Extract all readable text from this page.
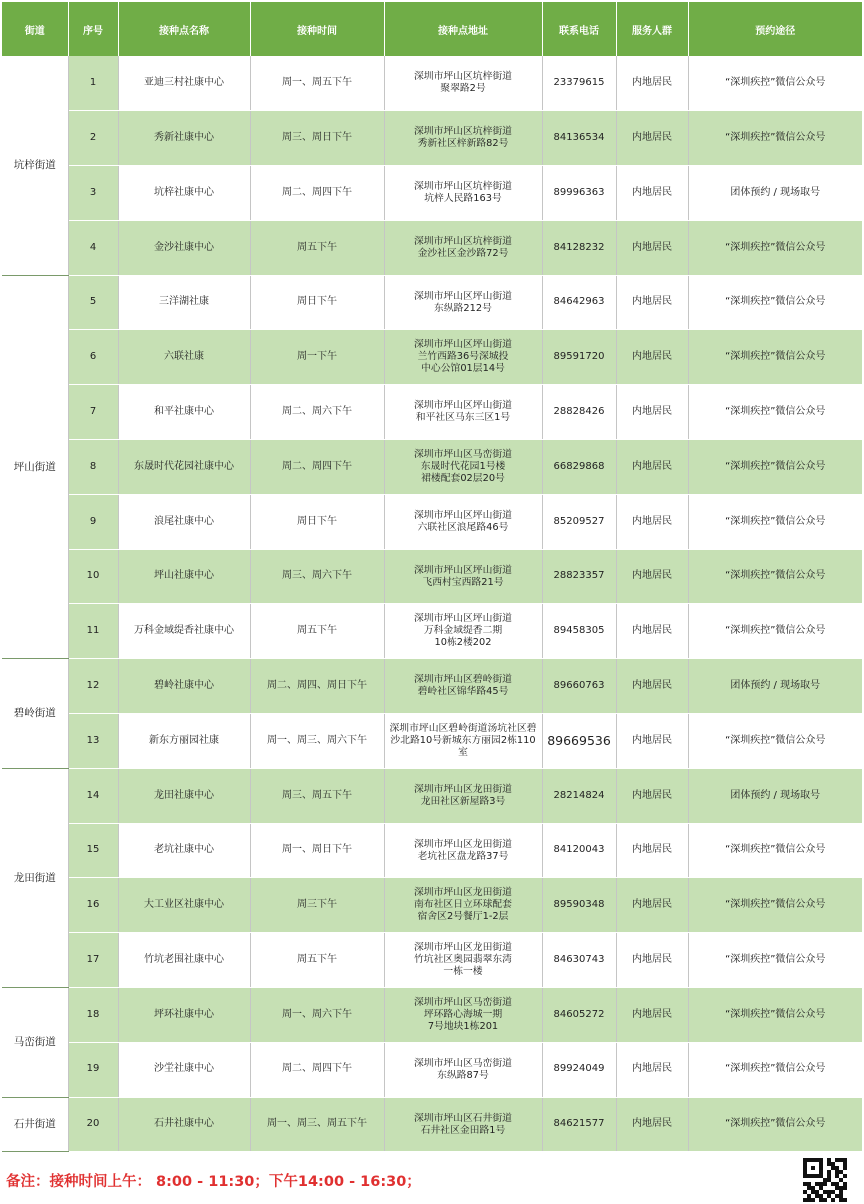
街道	序号	接种点名称	接种时间	接种点地址	联系电话	服务人群	预约途径
坑梓街道	1	亚迪三村社康中心	周一、周五下午	深圳市坪山区坑梓街道
聚翠路2号	23379615	内地居民	“深圳疾控”微信公众号
	2	秀新社康中心	周三、周日下午	深圳市坪山区坑梓街道
秀新社区梓新路82号	84136534	内地居民	“深圳疾控”微信公众号
	3	坑梓社康中心	周二、周四下午	深圳市坪山区坑梓街道
坑梓人民路163号	89996363	内地居民	团体预约 / 现场取号
	4	金沙社康中心	周五下午	深圳市坪山区坑梓街道
金沙社区金沙路72号	84128232	内地居民	“深圳疾控”微信公众号
坪山街道	5	三洋湖社康	周日下午	深圳市坪山区坪山街道
东纵路212号	84642963	内地居民	“深圳疾控”微信公众号
	6	六联社康	周一下午	深圳市坪山区坪山街道
兰竹西路36号深城投
中心公馆01层14号	89591720	内地居民	“深圳疾控”微信公众号
	7	和平社康中心	周二、周六下午	深圳市坪山区坪山街道
和平社区马东三区1号	28828426	内地居民	“深圳疾控”微信公众号
	8	东晟时代花园社康中心	周二、周四下午	深圳市坪山区马峦街道
东晟时代花园1号楼
裙楼配套02层20号	66829868	内地居民	“深圳疾控”微信公众号
	9	浪尾社康中心	周日下午	深圳市坪山区坪山街道
六联社区浪尾路46号	85209527	内地居民	“深圳疾控”微信公众号
	10	坪山社康中心	周三、周六下午	深圳市坪山区坪山街道
飞西村宝西路21号	28823357	内地居民	“深圳疾控”微信公众号
	11	万科金域缇香社康中心	周五下午	深圳市坪山区坪山街道
万科金域缇香二期
10栋2楼202	89458305	内地居民	“深圳疾控”微信公众号
碧岭街道	12	碧岭社康中心	周二、周四、周日下午	深圳市坪山区碧岭街道
碧岭社区锦华路45号	89660763	内地居民	团体预约 / 现场取号
	13	新东方丽园社康	周一、周三、周六下午	深圳市坪山区碧岭街道汤坑社区碧
沙北路10号新城东方丽园2栋110
室	89669536	内地居民	“深圳疾控”微信公众号
龙田街道	14	龙田社康中心	周三、周五下午	深圳市坪山区龙田街道
龙田社区新屋路3号	28214824	内地居民	团体预约 / 现场取号
	15	老坑社康中心	周一、周日下午	深圳市坪山区龙田街道
老坑社区盘龙路37号	84120043	内地居民	“深圳疾控”微信公众号
	16	大工业区社康中心	周三下午	深圳市坪山区龙田街道
南布社区日立环球配套
宿舍区2号餐厅1-2层	89590348	内地居民	“深圳疾控”微信公众号
	17	竹坑老围社康中心	周五下午	深圳市坪山区龙田街道
竹坑社区奥园翡翠东湾
一栋一楼	84630743	内地居民	“深圳疾控”微信公众号
马峦街道	18	坪环社康中心	周一、周六下午	深圳市坪山区马峦街道
坪环路心海城一期
7号地块1栋201	84605272	内地居民	“深圳疾控”微信公众号
	19	沙坣社康中心	周二、周四下午	深圳市坪山区马峦街道
东纵路87号	89924049	内地居民	“深圳疾控”微信公众号
石井街道	20	石井社康中心	周一、周三、周五下午	深圳市坪山区石井街道
石井社区金田路1号	84621577	内地居民	“深圳疾控”微信公众号
备注：接种时间上午： 8:00 - 11:30；下午14:00 - 16:30；
